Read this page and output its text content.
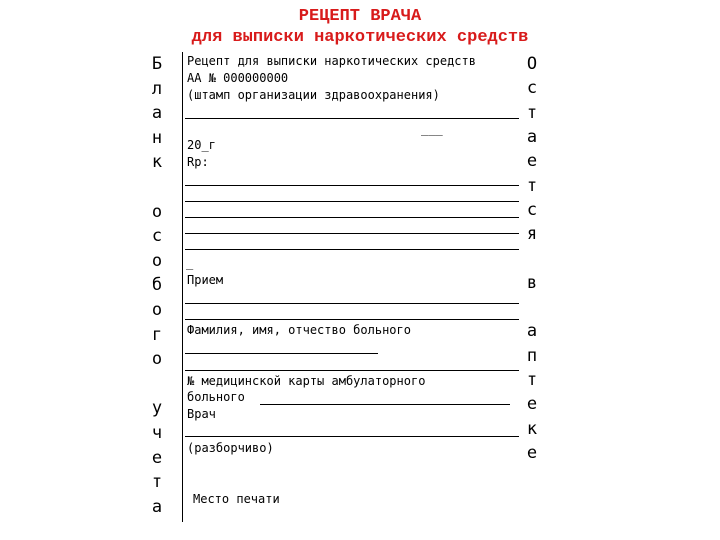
РЕЦЕПТ ВРАЧА
для выписки наркотических средств
Б
л
а
н
к
о
с
о
б
о
г
о
у
ч
е
т
а
О
с
т
а
е
т
с
я
в
а
п
т
е
к
е
Рецепт для выписки наркотических средств
АА № 000000000
(штамп организации здравоохранения)
___
20_г
Rp:
_
Прием
Фамилия, имя, отчество больного
№ медицинской карты амбулаторного
больного
Врач
(разборчиво)
Место печати
